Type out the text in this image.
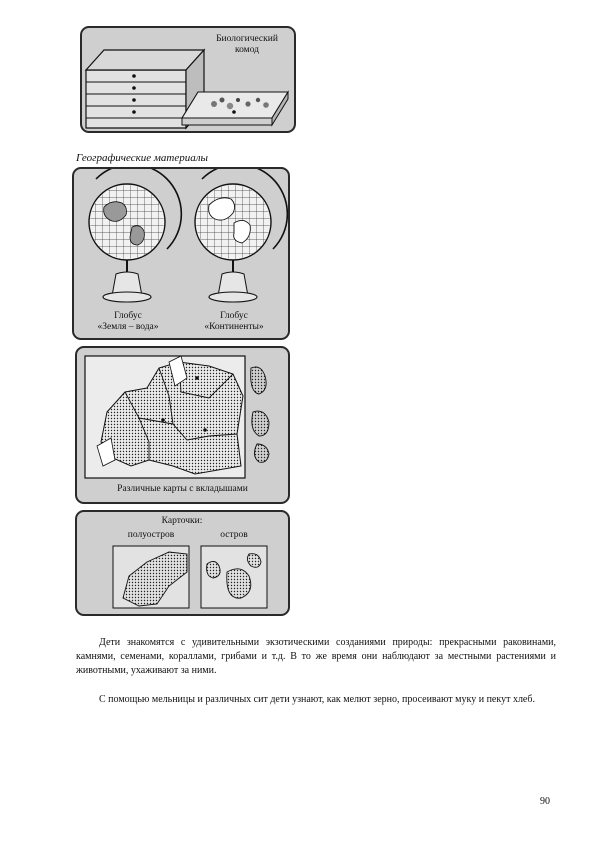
Биологический
комод
Географические материалы
Глобус
«Земля – вода»
Глобус
«Континенты»
Различные карты с вкладышами
Карточки:
полуостров	остров

Дети знакомятся с удивительными экзотическими созданиями природы: прекрасными раковинами, камнями, семенами, кораллами, грибами и т.д. В то же время они наблюдают за местными растениями и животными, ухаживают за ними.

С помощью мельницы и различных сит дети узнают, как мелют зерно, просеивают муку и пекут хлеб.

90
